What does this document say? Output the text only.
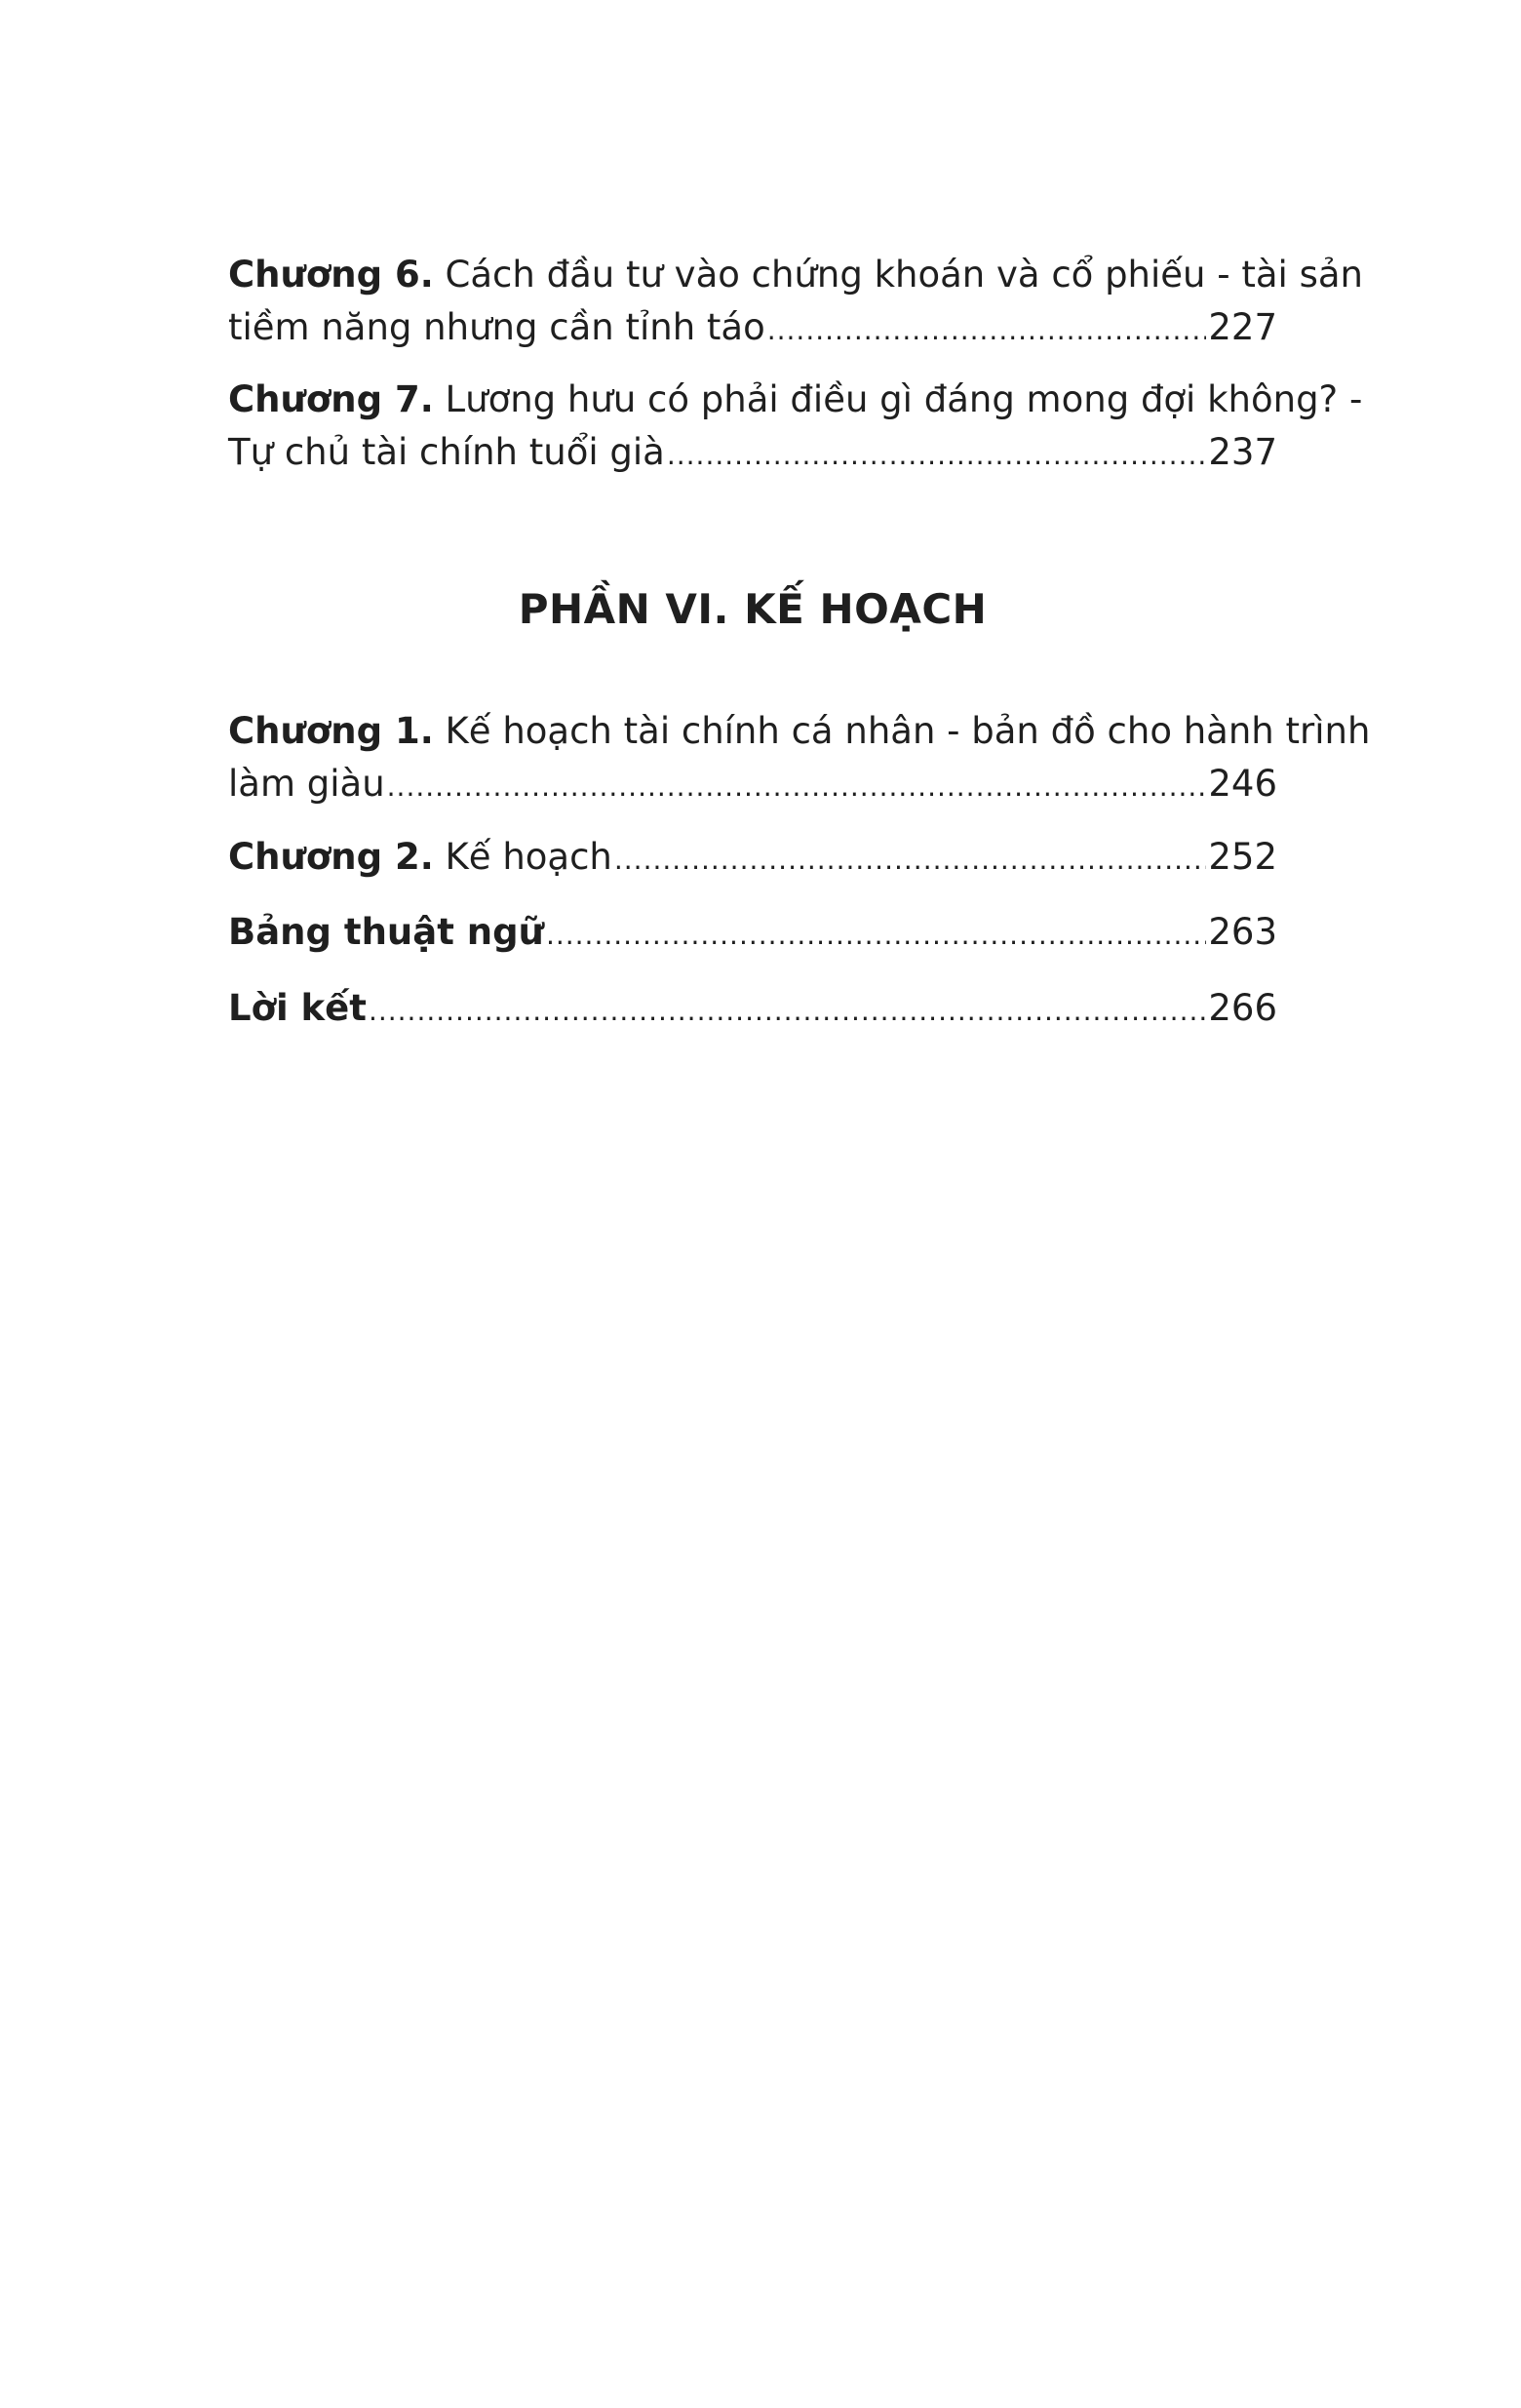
Chương 6.
Cách đầu tư vào chứng khoán và cổ phiếu - tài sản
tiềm năng nhưng cần tỉnh táo .....	227
Chương 7.
Lương hưu có phải điều gì đáng mong đợi không? -
Tự chủ tài chính tuổi già .....	237
PHẦN VI. KẾ HOẠCH
Chương 1.
Kế hoạch tài chính cá nhân - bản đồ cho hành trình
làm giàu .....	246
Chương 2.
Kế hoạch .....	252
Bảng thuật ngữ .....	263
Lời kết .....	266
